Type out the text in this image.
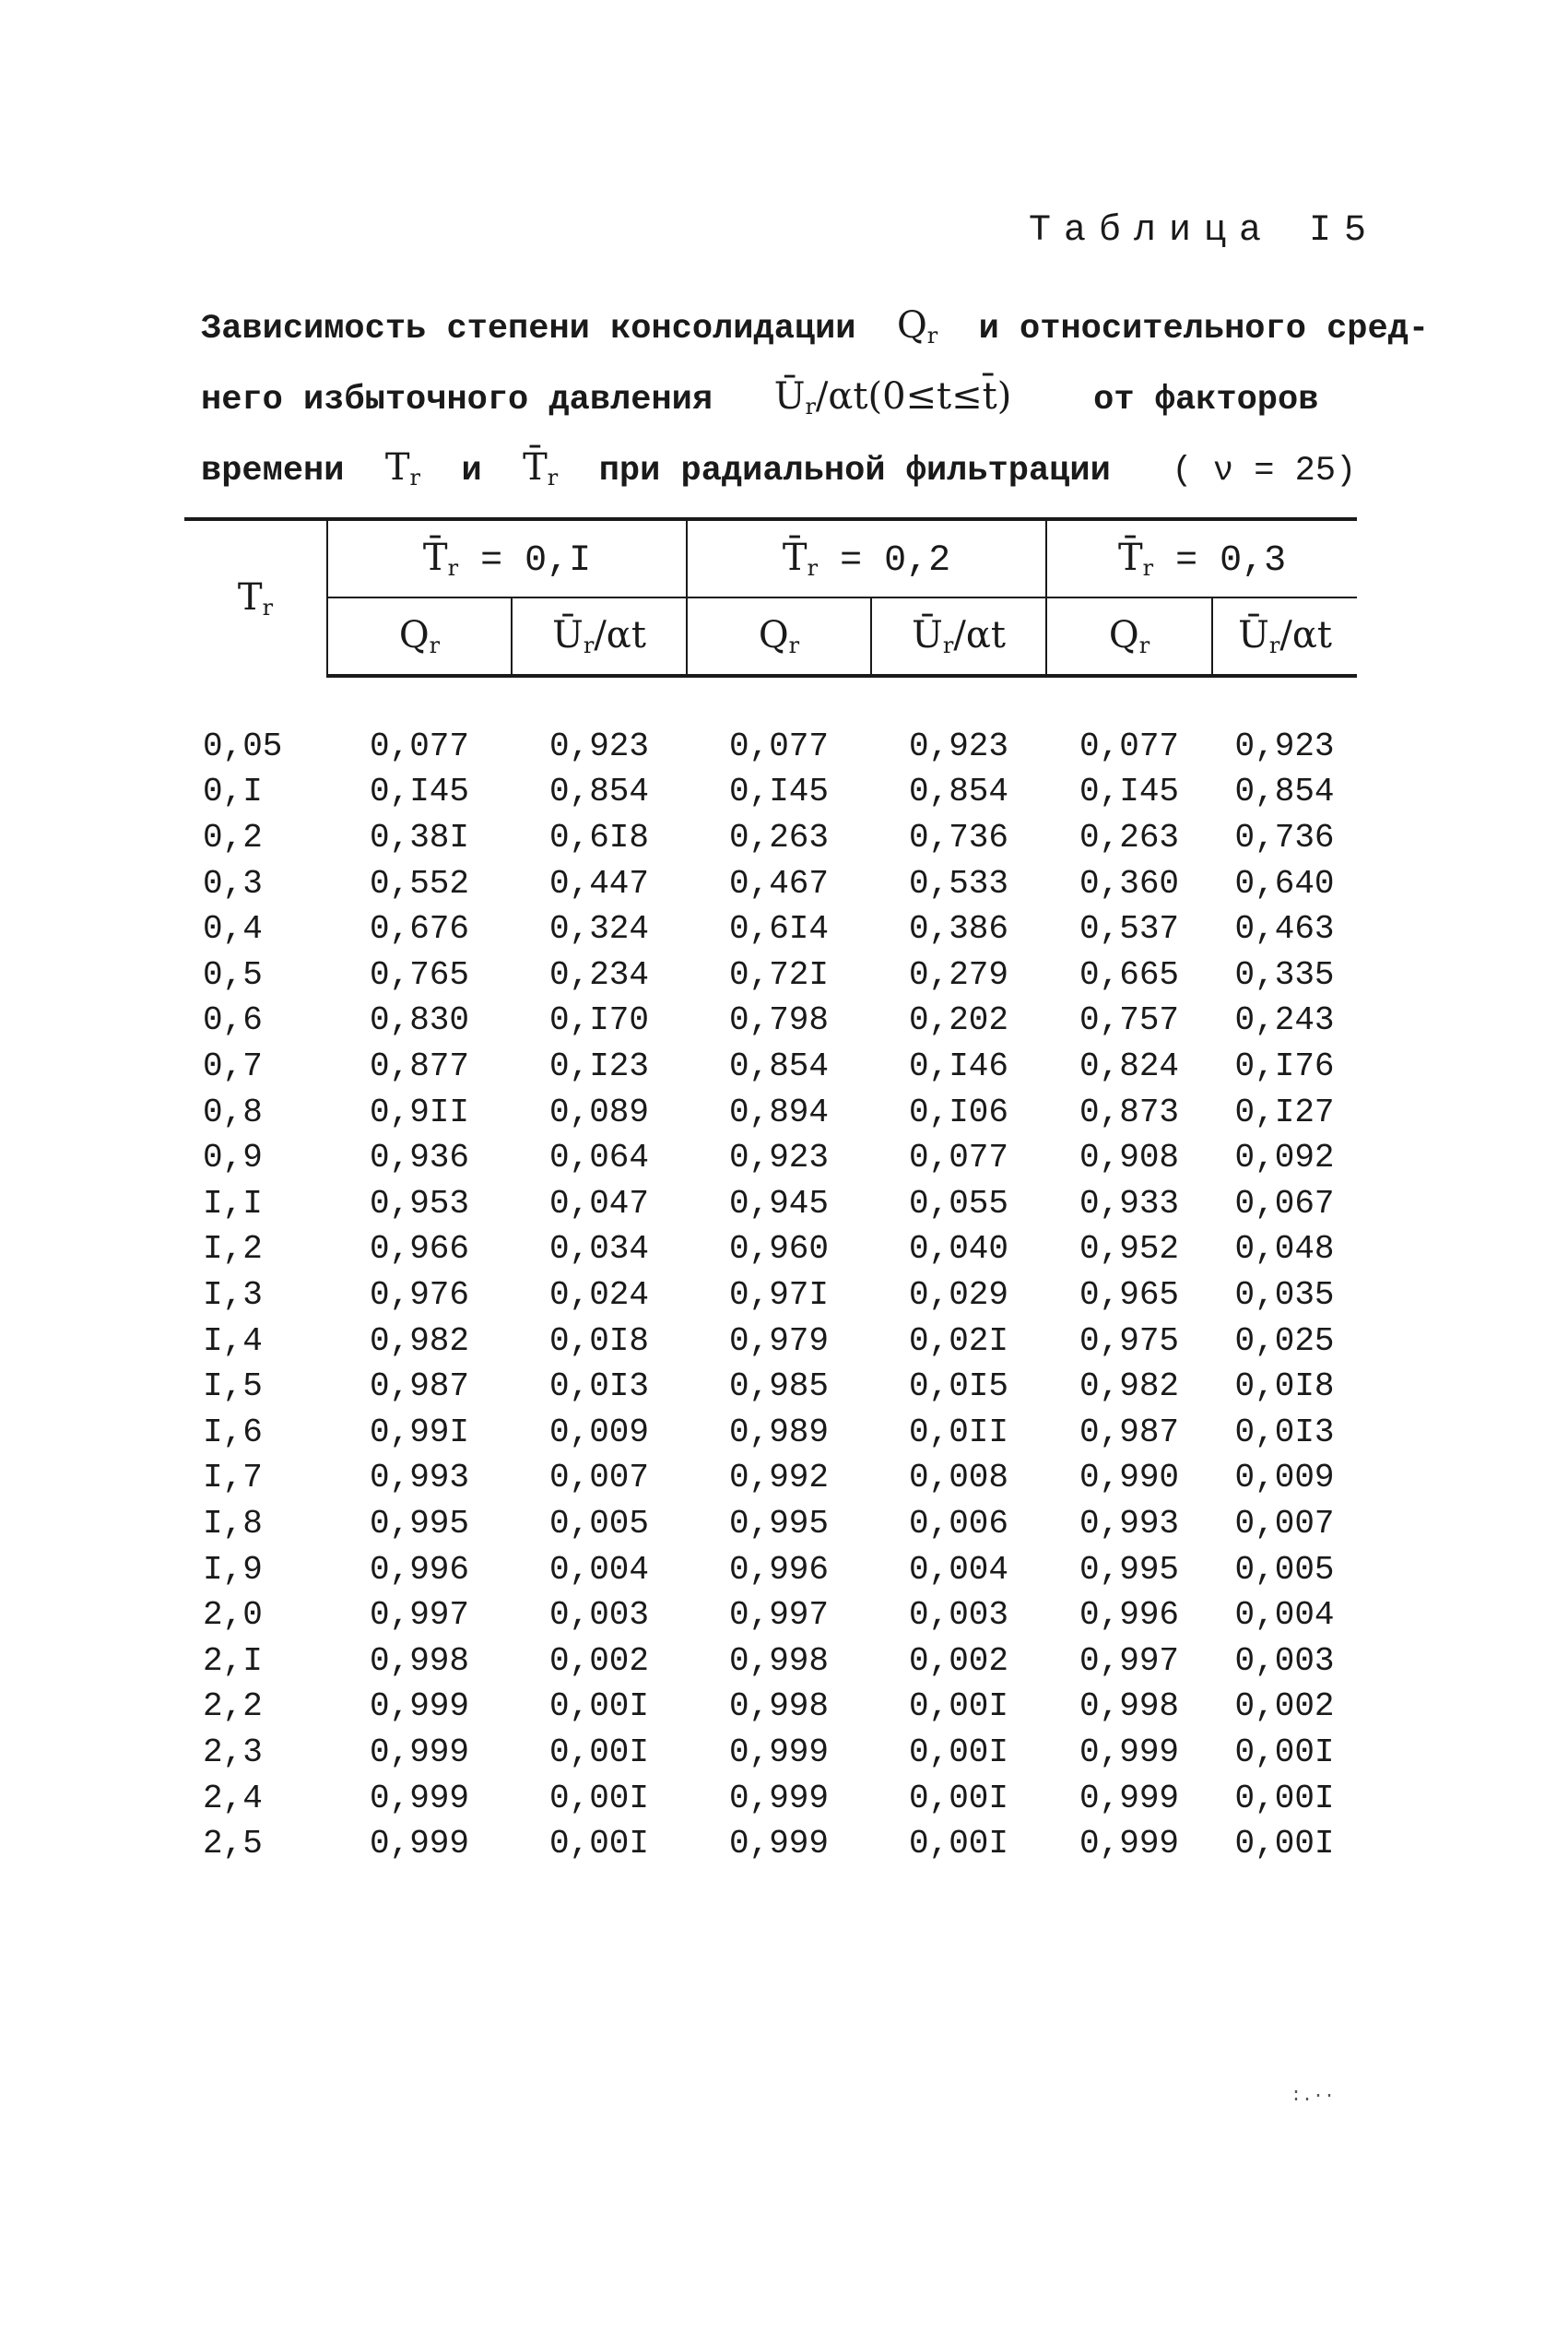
Таблица I5
Зависимость степени консолидации $Q_r$ и относительного сред-
него избыточного давления $Ū_r/\alpha t(0\le t\le t̄)$ от факторов
времени $T_r$ и $T̄_r$ при радиальной фильтрации ( ν = 25)
$T_r$	$T̄_r = 0,I$		$T̄_r = 0,2$		$T̄_r = 0,3$	
	$Q_r$	$Ū_r/\alpha t$	$Q_r$	$Ū_r/\alpha t$	$Q_r$	$Ū_r/\alpha t$

0,05	0,077	0,923	0,077	0,923	0,077	0,923
0,I	0,I45	0,854	0,I45	0,854	0,I45	0,854
0,2	0,38I	0,6I8	0,263	0,736	0,263	0,736
0,3	0,552	0,447	0,467	0,533	0,360	0,640
0,4	0,676	0,324	0,6I4	0,386	0,537	0,463
0,5	0,765	0,234	0,72I	0,279	0,665	0,335
0,6	0,830	0,I70	0,798	0,202	0,757	0,243
0,7	0,877	0,I23	0,854	0,I46	0,824	0,I76
0,8	0,9II	0,089	0,894	0,I06	0,873	0,I27
0,9	0,936	0,064	0,923	0,077	0,908	0,092
I,I	0,953	0,047	0,945	0,055	0,933	0,067
I,2	0,966	0,034	0,960	0,040	0,952	0,048
I,3	0,976	0,024	0,97I	0,029	0,965	0,035
I,4	0,982	0,0I8	0,979	0,02I	0,975	0,025
I,5	0,987	0,0I3	0,985	0,0I5	0,982	0,0I8
I,6	0,99I	0,009	0,989	0,0II	0,987	0,0I3
I,7	0,993	0,007	0,992	0,008	0,990	0,009
I,8	0,995	0,005	0,995	0,006	0,993	0,007
I,9	0,996	0,004	0,996	0,004	0,995	0,005
2,0	0,997	0,003	0,997	0,003	0,996	0,004
2,I	0,998	0,002	0,998	0,002	0,997	0,003
2,2	0,999	0,00I	0,998	0,00I	0,998	0,002
2,3	0,999	0,00I	0,999	0,00I	0,999	0,00I
2,4	0,999	0,00I	0,999	0,00I	0,999	0,00I
2,5	0,999	0,00I	0,999	0,00I	0,999	0,00I
:.··
